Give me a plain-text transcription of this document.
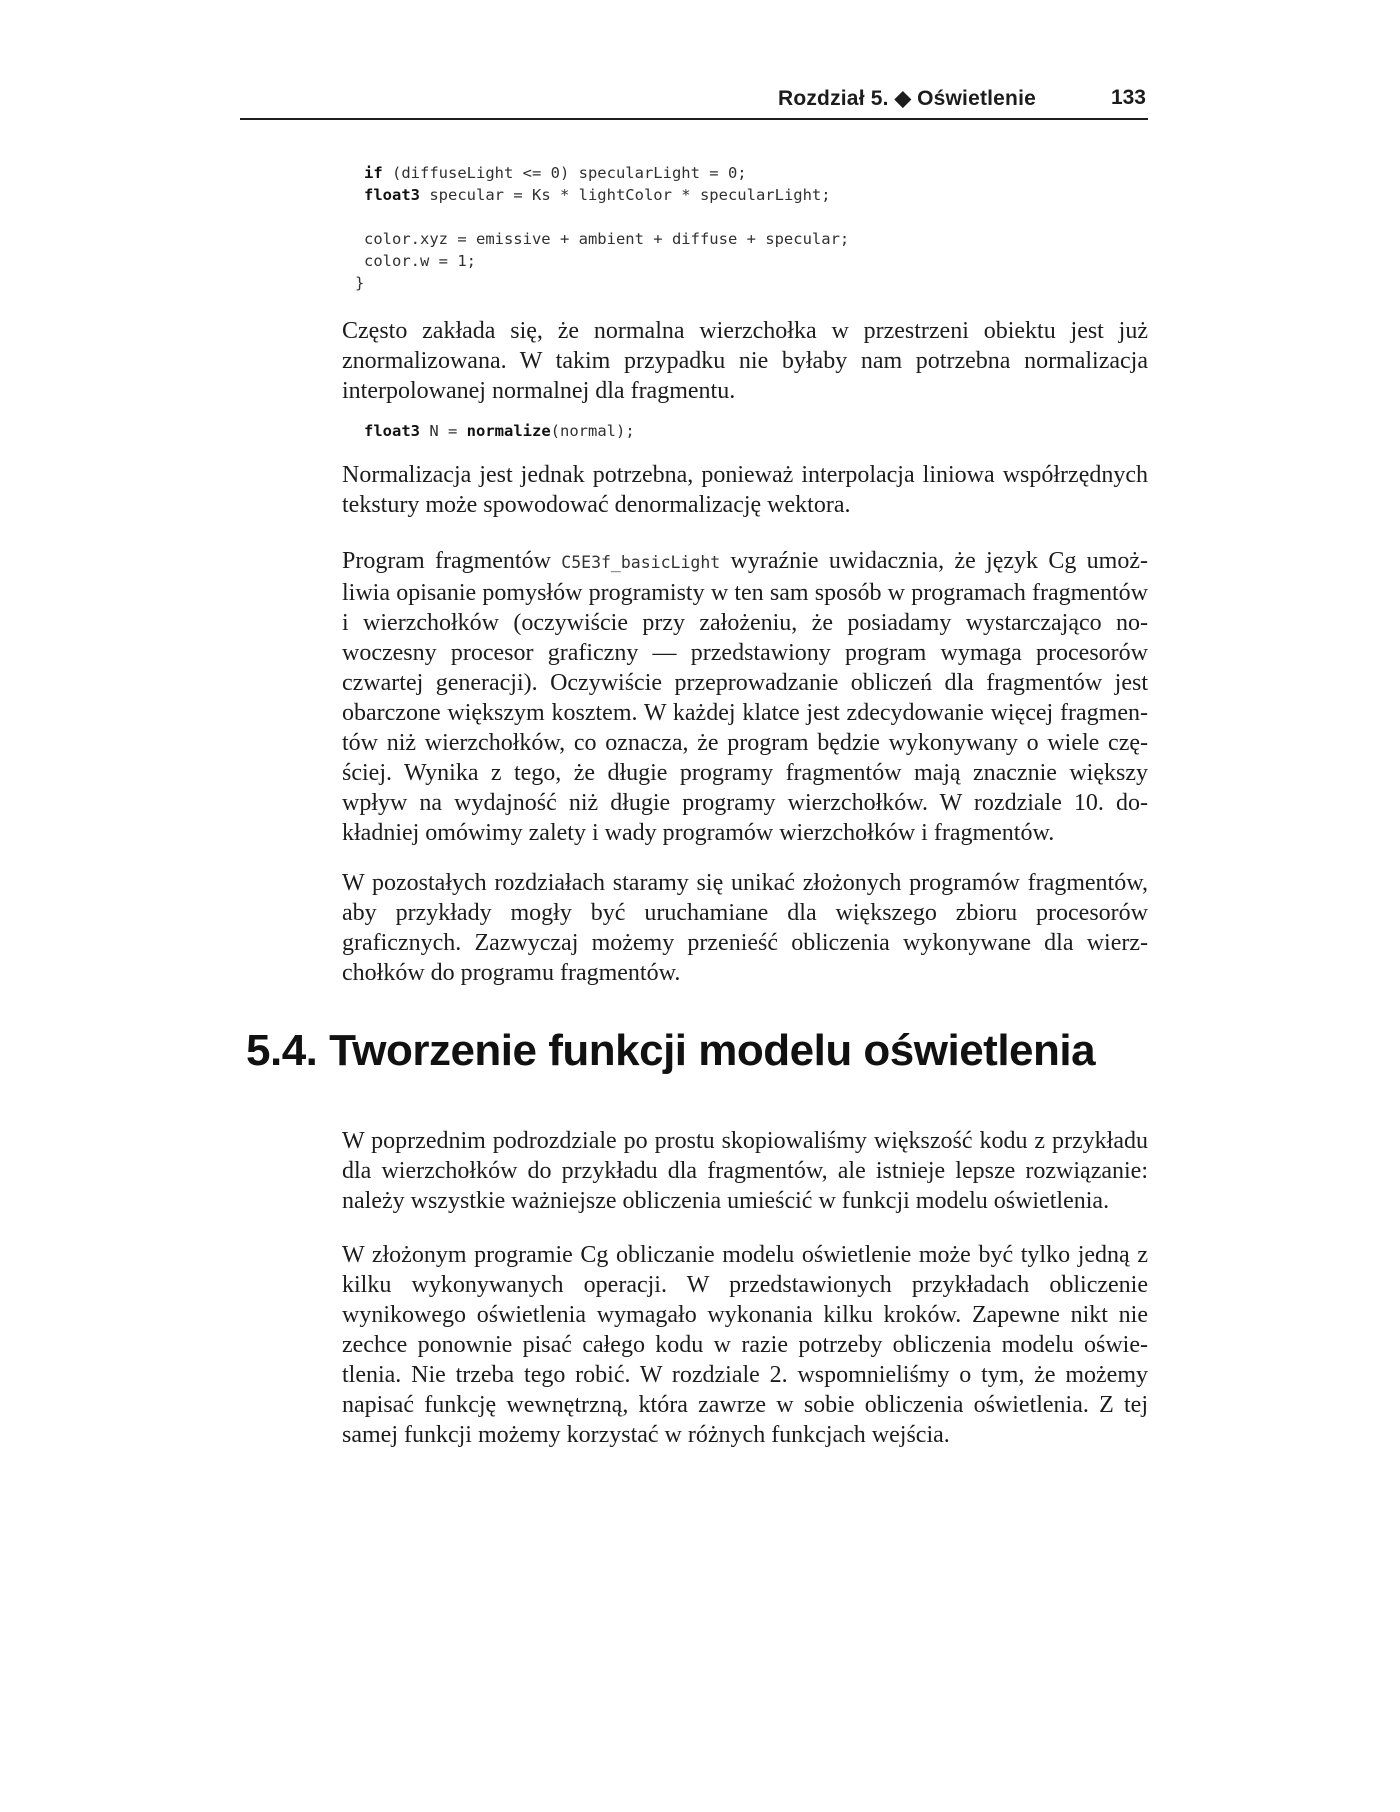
Rozdział 5. ◆ Oświetlenie	133
if (diffuseLight <= 0) specularLight = 0;
float3 specular = Ks * lightColor * specularLight;

color.xyz = emissive + ambient + diffuse + specular;
color.w = 1;
}

Często zakłada się, że normalna wierzchołka w przestrzeni obiektu jest już znormalizowana. W takim przypadku nie byłaby nam potrzebna normalizacja interpolowanej normalnej dla fragmentu.

float3 N = normalize(normal);

Normalizacja jest jednak potrzebna, ponieważ interpolacja liniowa współrzędnych tekstury może spowodować denormalizację wektora.

Program fragmentów C5E3f_basicLight wyraźnie uwidacznia, że język Cg umożliwia opisanie pomysłów programisty w ten sam sposób w programach fragmentów i wierzchołków (oczywiście przy założeniu, że posiadamy wystarczająco nowoczesny procesor graficzny — przedstawiony program wymaga procesorów czwartej generacji). Oczywiście przeprowadzanie obliczeń dla fragmentów jest obarczone większym kosztem. W każdej klatce jest zdecydowanie więcej fragmentów niż wierzchołków, co oznacza, że program będzie wykonywany o wiele częściej. Wynika z tego, że długie programy fragmentów mają znacznie większy wpływ na wydajność niż długie programy wierzchołków. W rozdziale 10. dokładniej omówimy zalety i wady programów wierzchołków i fragmentów.

W pozostałych rozdziałach staramy się unikać złożonych programów fragmentów, aby przykłady mogły być uruchamiane dla większego zbioru procesorów graficznych. Zazwyczaj możemy przenieść obliczenia wykonywane dla wierzchołków do programu fragmentów.

5.4. Tworzenie funkcji modelu oświetlenia

W poprzednim podrozdziale po prostu skopiowaliśmy większość kodu z przykładu dla wierzchołków do przykładu dla fragmentów, ale istnieje lepsze rozwiązanie: należy wszystkie ważniejsze obliczenia umieścić w funkcji modelu oświetlenia.

W złożonym programie Cg obliczanie modelu oświetlenie może być tylko jedną z kilku wykonywanych operacji. W przedstawionych przykładach obliczenie wynikowego oświetlenia wymagało wykonania kilku kroków. Zapewne nikt nie zechce ponownie pisać całego kodu w razie potrzeby obliczenia modelu oświetlenia. Nie trzeba tego robić. W rozdziale 2. wspomnieliśmy o tym, że możemy napisać funkcję wewnętrzną, która zawrze w sobie obliczenia oświetlenia. Z tej samej funkcji możemy korzystać w różnych funkcjach wejścia.
